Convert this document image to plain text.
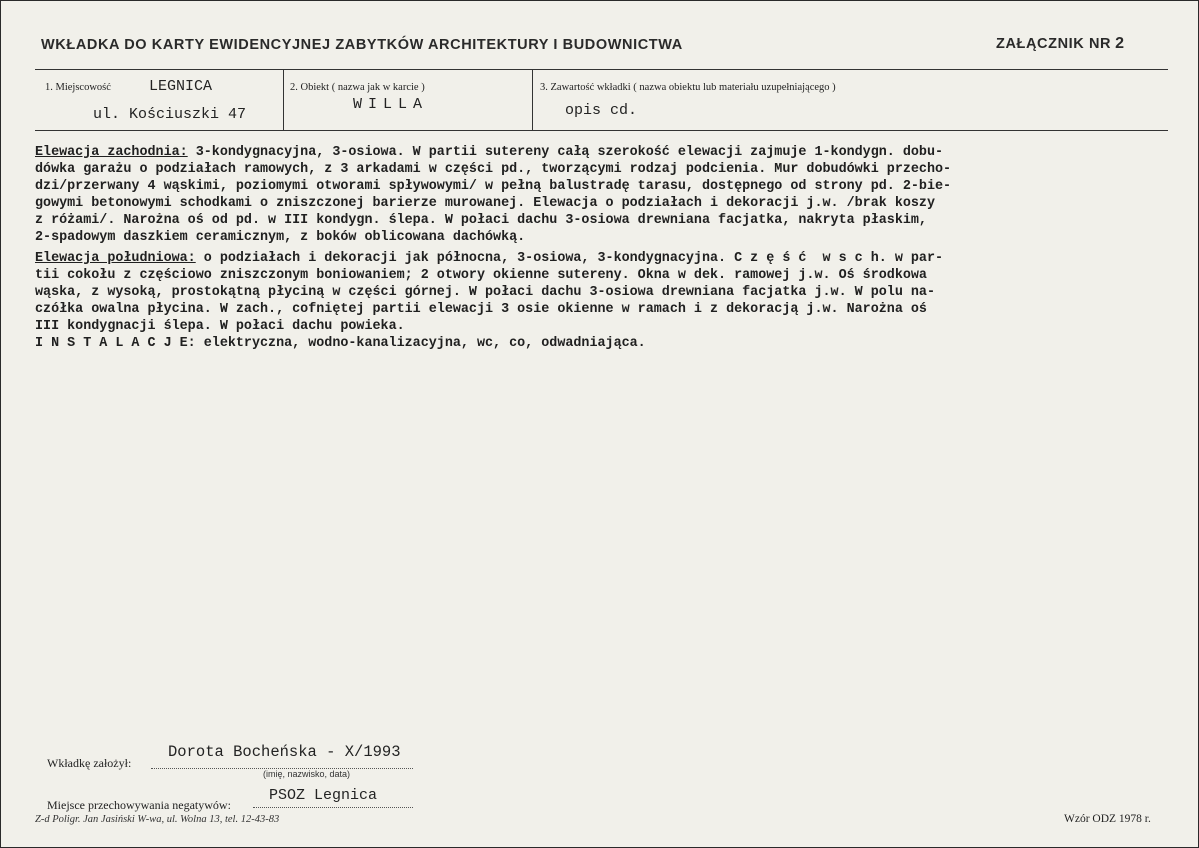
WKŁADKA DO KARTY EWIDENCYJNEJ ZABYTKÓW ARCHITEKTURY I BUDOWNICTWA	ZAŁĄCZNIK NR 2
1. Miejscowość	LEGNICA
ul. Kościuszki 47
2. Obiekt ( nazwa jak w karcie )
WILLA
3. Zawartość wkładki ( nazwa obiektu lub materiału uzupełniającego )
opis cd.
Elewacja zachodnia: 3-kondygnacyjna, 3-osiowa. W partii sutereny całą szerokość elewacji zajmuje 1-kondygn. dobu-
dówka garażu o podziałach ramowych, z 3 arkadami w części pd., tworzącymi rodzaj podcienia. Mur dobudówki przecho-
dzi/przerwany 4 wąskimi, poziomymi otworami spływowymi/ w pełną balustradę tarasu, dostępnego od strony pd. 2-bie-
gowymi betonowymi schodkami o zniszczonej barierze murowanej. Elewacja o podziałach i dekoracji j.w. /brak koszy
z różami/. Narożna oś od pd. w III kondygn. ślepa. W połaci dachu 3-osiowa drewniana facjatka, nakryta płaskim,
2-spadowym daszkiem ceramicznym, z boków oblicowana dachówką.
Elewacja południowa: o podziałach i dekoracji jak północna, 3-osiowa, 3-kondygnacyjna. C z ę ś ć  w s c h. w par-
tii cokołu z częściowo zniszczonym boniowaniem; 2 otwory okienne sutereny. Okna w dek. ramowej j.w. Oś środkowa
wąska, z wysoką, prostokątną płyciną w części górnej. W połaci dachu 3-osiowa drewniana facjatka j.w. W polu na-
czółka owalna płycina. W zach., cofniętej partii elewacji 3 osie okienne w ramach i z dekoracją j.w. Narożna oś
III kondygnacji ślepa. W połaci dachu powieka.
I N S T A L A C J E: elektryczna, wodno-kanalizacyjna, wc, co, odwadniająca.
Wkładkę założył:
Dorota Bocheńska - X/1993
(imię, nazwisko, data)
Miejsce przechowywania negatywów:
PSOZ Legnica
Z-d Poligr. Jan Jasiński W-wa, ul. Wolna 13, tel. 12-43-83	Wzór ODZ 1978 r.
